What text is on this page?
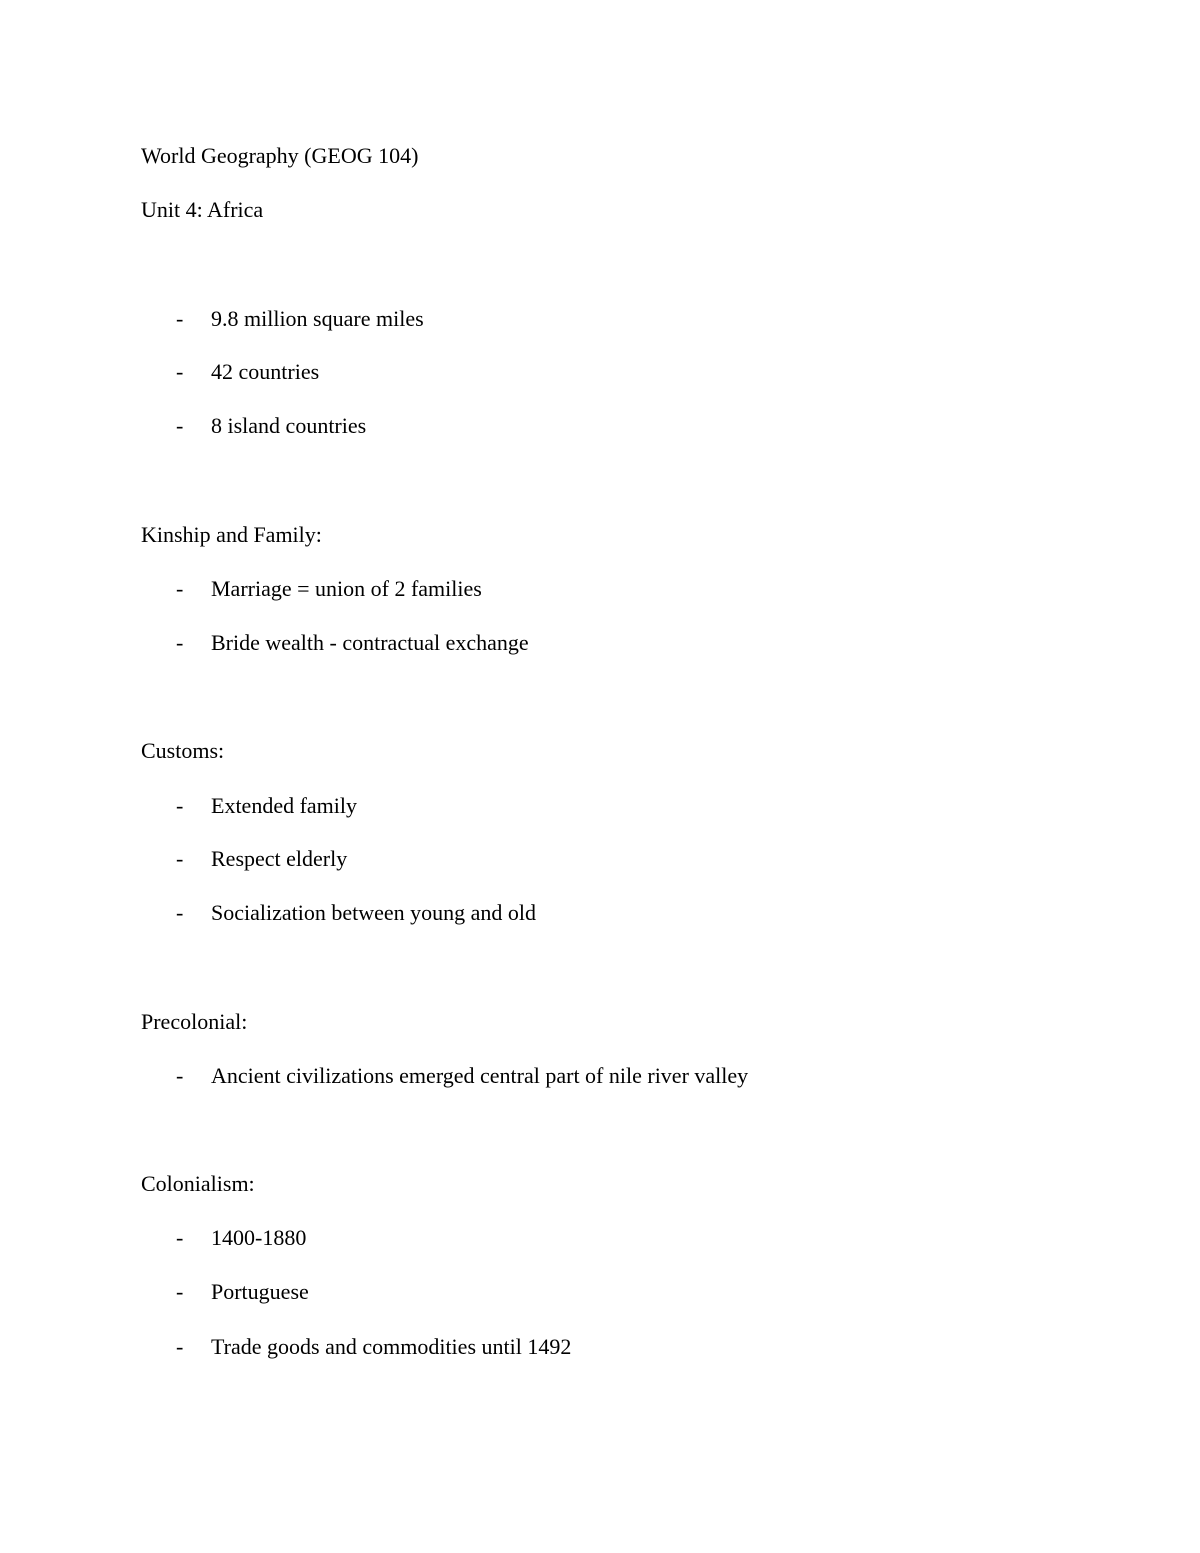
World Geography (GEOG 104)
Unit 4: Africa
- 9.8 million square miles
- 42 countries
- 8 island countries
Kinship and Family:
- Marriage = union of 2 families
- Bride wealth - contractual exchange
Customs:
- Extended family
- Respect elderly
- Socialization between young and old
Precolonial:
- Ancient civilizations emerged central part of nile river valley
Colonialism:
- 1400-1880
- Portuguese
- Trade goods and commodities until 1492
